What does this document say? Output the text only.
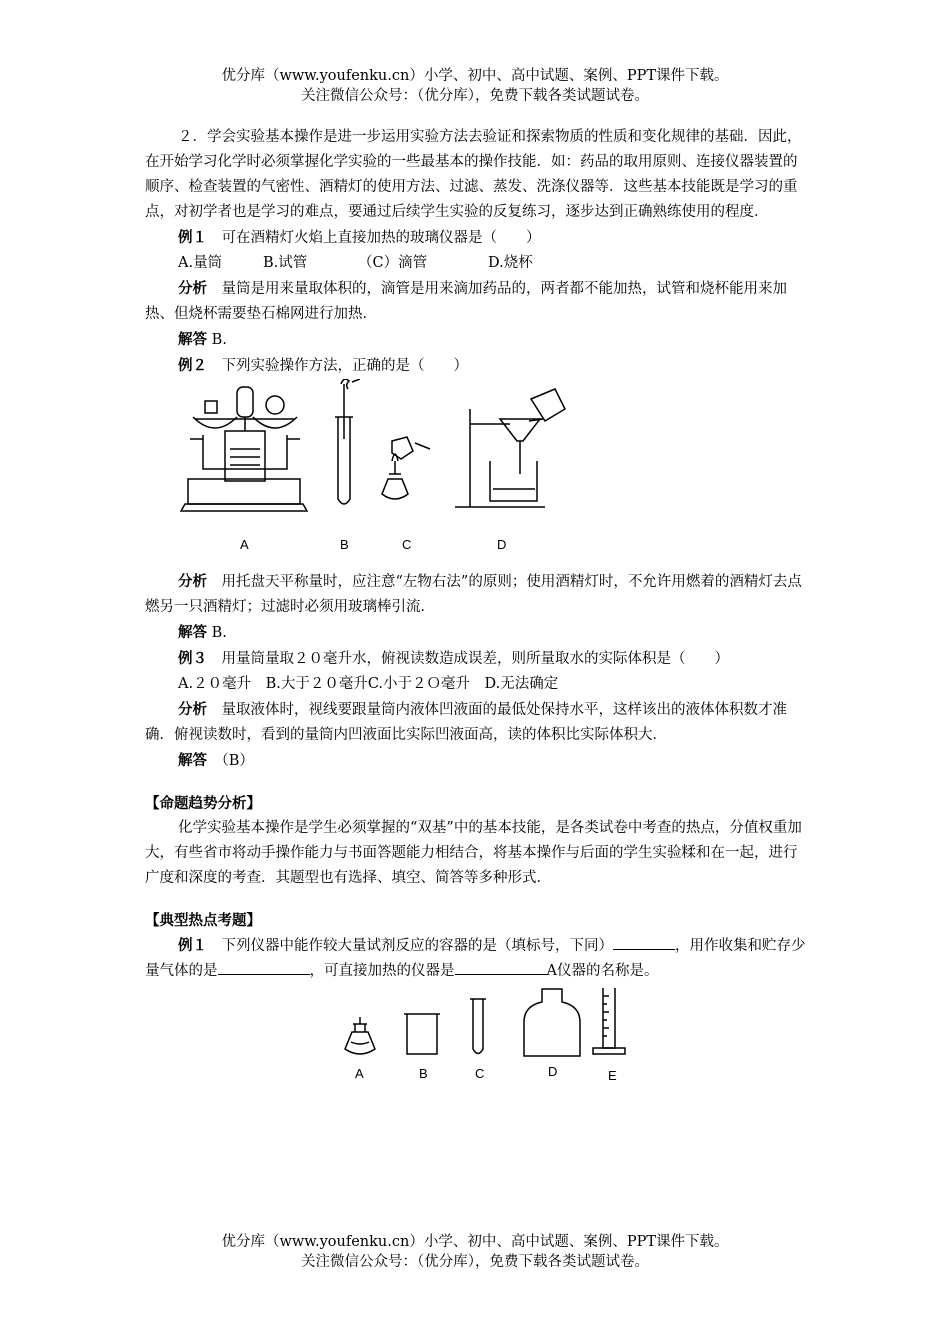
优分库（www.youfenku.cn）小学、初中、高中试题、案例、PPT课件下载。
关注微信公众号：（优分库），免费下载各类试题试卷。

２．学会实验基本操作是进一步运用实验方法去验证和探索物质的性质和变化规律的基础．因此，在开始学习化学时必须掌握化学实验的一些最基本的操作技能．如：药品的取用原则、连接仪器装置的顺序、检查装置的气密性、酒精灯的使用方法、过滤、蒸发、洗涤仪器等．这些基本技能既是学习的重点，对初学者也是学习的难点，要通过后续学生实验的反复练习，逐步达到正确熟练使用的程度．

例１　 可在酒精灯火焰上直接加热的玻璃仪器是（　　）

A.量筒	B.试管	（C）滴管	D.烧杯

分析　 量筒是用来量取体积的，滴管是用来滴加药品的，两者都不能加热，试管和烧杯能用来加热、但烧杯需要垫石棉网进行加热．

解答 B.

例２　 下列实验操作方法，正确的是（　　）

A	B	C	D

分析　 用托盘天平称量时，应注意“左物右法”的原则；使用酒精灯时，不允许用燃着的酒精灯去点燃另一只酒精灯；过滤时必须用玻璃棒引流．

解答 B.

例３　 用量筒量取２０毫升水，俯视读数造成误差，则所量取水的实际体积是（　　）

A.２０毫升　B.大于２０毫升C.小于２Ｏ毫升　D.无法确定

分析　 量取液体时，视线要跟量筒内液体凹液面的最低处保持水平，这样该出的液体体积数才准确．俯视读数时，看到的量筒内凹液面比实际凹液面高，读的体积比实际体积大．

解答　 （B）

【命题趋势分析】

化学实验基本操作是学生必须掌握的“双基”中的基本技能，是各类试卷中考查的热点，分值权重加大，有些省市将动手操作能力与书面答题能力相结合，将基本操作与后面的学生实验糅和在一起，进行广度和深度的考查．其题型也有选择、填空、简答等多种形式．

【典型热点考题】

例１　 下列仪器中能作较大量试剂反应的容器的是（填标号，下同）	，用作收集和贮存少量气体的是	，可直接加热的仪器是	A仪器的名称是。

A	B	C	D	E
优分库（www.youfenku.cn）小学、初中、高中试题、案例、PPT课件下载。
关注微信公众号：（优分库），免费下载各类试题试卷。
